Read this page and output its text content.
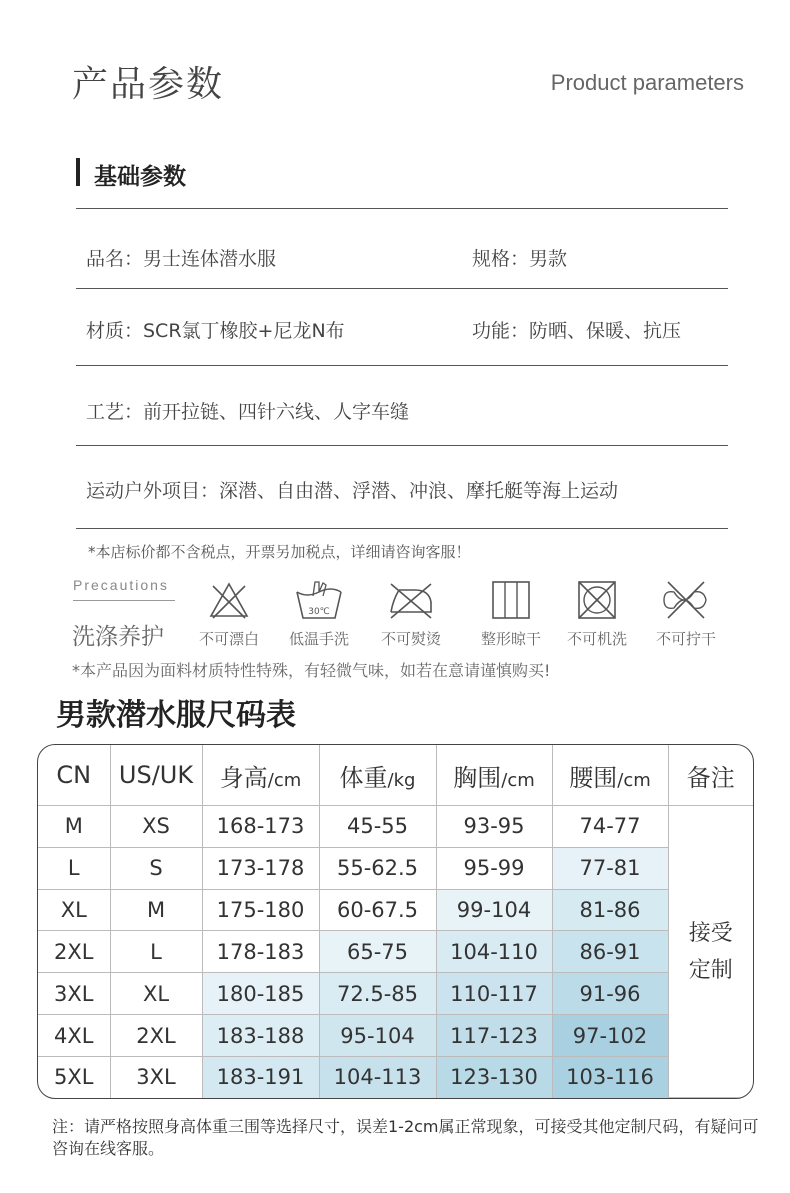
产品参数	Product parameters
基础参数
品名：男士连体潜水服	规格：男款
材质：SCR氯丁橡胶+尼龙N布	功能：防晒、保暖、抗压
工艺：前开拉链、四针六线、人字车缝
运动户外项目：深潜、自由潜、浮潜、冲浪、摩托艇等海上运动
*本店标价都不含税点，开票另加税点，详细请咨询客服！
Precautions
洗涤养护	不可漂白
30℃
低温手洗	不可熨烫	整形晾干	不可机洗	不可拧干
*本产品因为面料材质特性特殊，有轻微气味，如若在意请谨慎购买!
男款潜水服尺码表
CN	US/UK	身高/cm	体重/kg	胸围/cm	腰围/cm	备注
M	XS	168-173	45-55	93-95	74-77	接受
定制
L	S	173-178	55-62.5	95-99	77-81	
XL	M	175-180	60-67.5	99-104	81-86	
2XL	L	178-183	65-75	104-110	86-91	
3XL	XL	180-185	72.5-85	110-117	91-96	
4XL	2XL	183-188	95-104	117-123	97-102	
5XL	3XL	183-191	104-113	123-130	103-116	
注：请严格按照身高体重三围等选择尺寸，误差1-2cm属正常现象，可接受其他定制尺码，有疑问可咨询在线客服。
